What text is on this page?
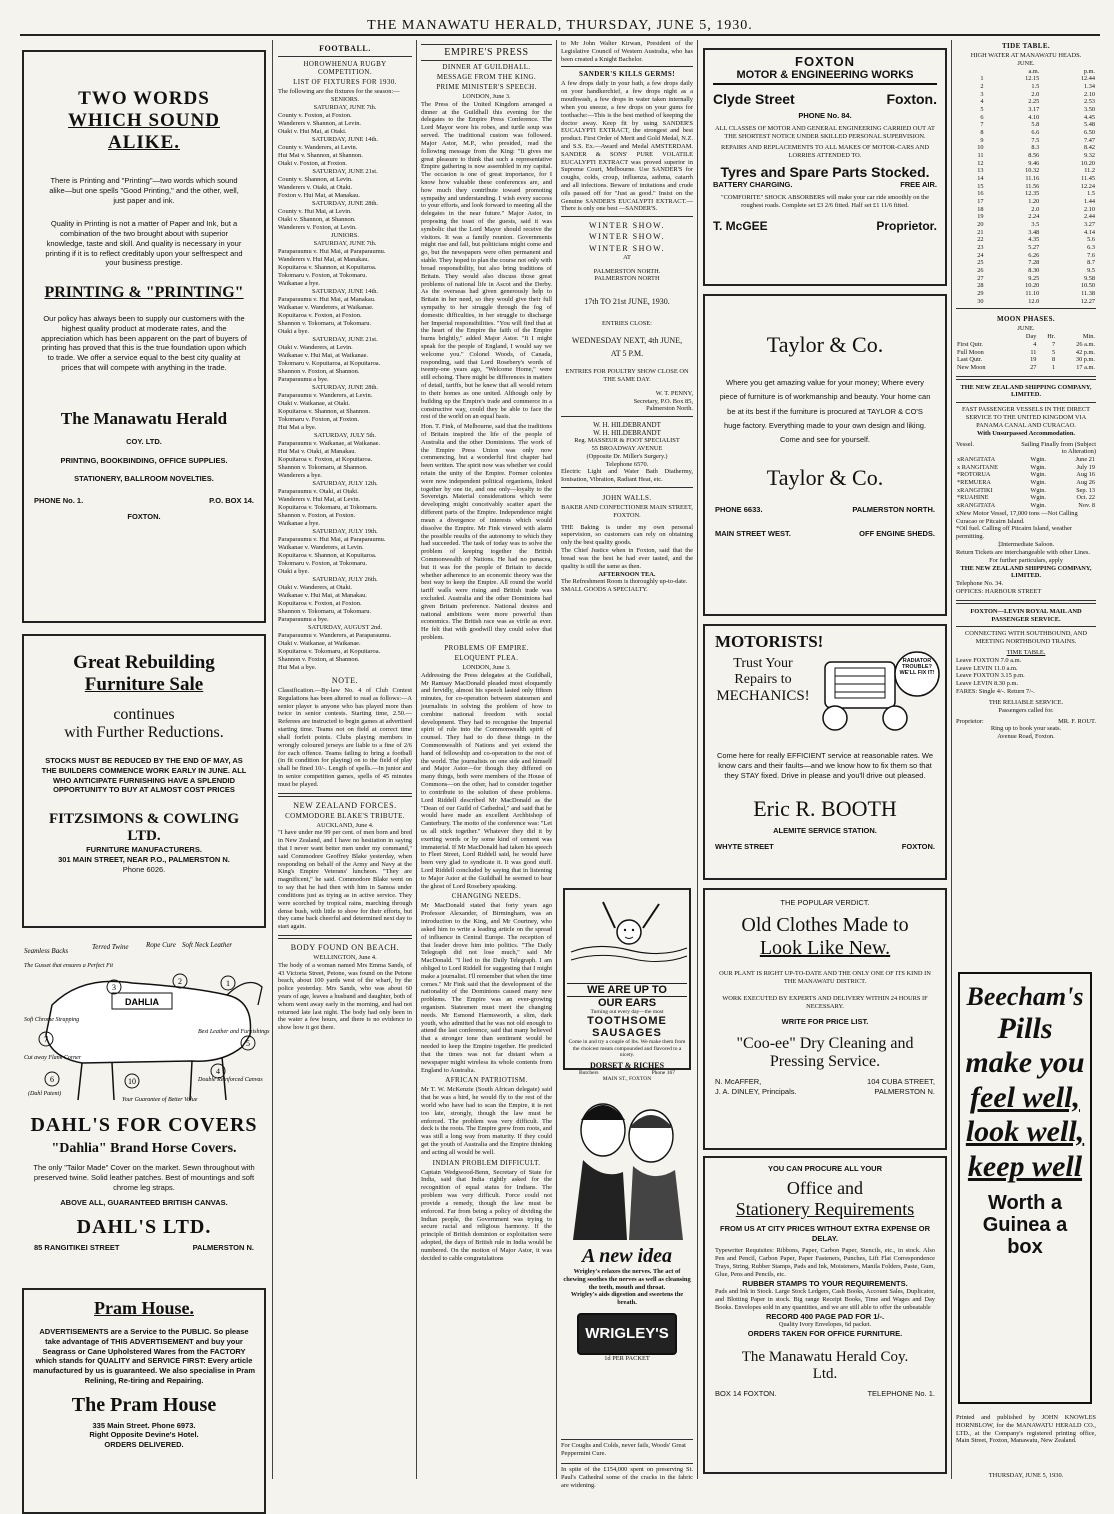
THE MANAWATU HERALD, THURSDAY, JUNE 5, 1930.
TWO WORDS
WHICH SOUND ALIKE.
There is Printing and "Printing"—two words which sound alike—but one spells "Good Printing," and the other, well, just paper and ink.
Quality in Printing is not a matter of Paper and Ink, but a combination of the two brought about with superior knowledge, taste and skill. And quality is necessary in your printing if it is to reflect creditably upon your selfrespect and your business prestige.
PRINTING & "PRINTING"
Our policy has always been to supply our customers with the highest quality product at moderate rates, and the appreciation which has been apparent on the part of buyers of printing has proved that this is the true foundation upon which to trade. We offer a service equal to the best city quality at prices that will compete with anything in the trade.
The Manawatu Herald
COY. LTD.
PRINTING, BOOKBINDING, OFFICE SUPPLIES.
STATIONERY, BALLROOM NOVELTIES.
PHONE No. 1.	P.O. BOX 14.
FOXTON.
Great Rebuilding
Furniture Sale
continues
with Further Reductions.
STOCKS MUST BE REDUCED BY THE END OF MAY, AS THE BUILDERS COMMENCE WORK EARLY IN JUNE. ALL WHO ANTICIPATE FURNISHING HAVE A SPLENDID OPPORTUNITY TO BUY AT ALMOST COST PRICES
FITZSIMONS & COWLING LTD.
FURNITURE MANUFACTURERS.
301 MAIN STREET, NEAR P.O., PALMERSTON N.
Phone 6026.
DAHLIA
3
2	1
7	5
4
6	10
Seamless Backs	Terred Twine	Rope Cure Soft Neck Leather
The Gusset that ensures a Perfect Fit
Soft Chrome Strapping
Cut away Flank Corner
(Dahl Patent)
Best Leather and Furnishings
Double Reinforced Canvas
Your Guarantee of Better Value
DAHL'S FOR COVERS
"Dahlia" Brand Horse Covers.
The only "Tailor Made" Cover on the market. Sewn throughout with preserved twine. Solid leather patches. Best of mountings and soft chrome leg straps.
ABOVE ALL, GUARANTEED BRITISH CANVAS.
DAHL'S LTD.
85 RANGITIKEI STREET	PALMERSTON N.
Pram House.
ADVERTISEMENTS are a Service to the PUBLIC. So please take advantage of THIS ADVERTISEMENT and buy your Seagrass or Cane Upholstered Wares from the FACTORY which stands for QUALITY and SERVICE FIRST: Every article manufactured by us is guaranteed. We also specialise in Pram Relining, Re-tiring and Repairing.
The Pram House
335 Main Street. Phone 6973.
Right Opposite Devine's Hotel.
ORDERS DELIVERED.
FOOTBALL.
HOROWHENUA RUGBY COMPETITION.
LIST OF FIXTURES FOR 1930.
The following are the fixtures for the season:—
SENIORS.
SATURDAY, JUNE 7th.
County v. Foxton, at Foxton.
Wanderers v. Shannon, at Levin.
Otaki v. Hui Mai, at Otaki.
SATURDAY, JUNE 14th.
County v. Wanderers, at Levin.
Hui Mai v. Shannon, at Shannon.
Otaki v. Foxton, at Foxton.
SATURDAY, JUNE 21st.
County v. Shannon, at Levin.
Wanderers v. Otaki, at Otaki.
Foxton v. Hui Mai, at Manakau.
SATURDAY, JUNE 28th.
County v. Hui Mai, at Levin.
Otaki v. Shannon, at Shannon.
Wanderers v. Foxton, at Levin.
JUNIORS.
SATURDAY, JUNE 7th.
Paraparaumu v. Hui Mai, at Paraparaumu.
Wanderers v. Hui Mai, at Manakau.
Kopuitaroa v. Shannon, at Kopuitaroa.
Tokomaru v. Foxton, at Tokomaru.
Waikanae a bye.
SATURDAY, JUNE 14th.
Paraparaumu v. Hui Mai, at Manakau.
Waikanae v. Wanderers, at Waikanae.
Kopuitaroa v. Foxton, at Foxton.
Shannon v. Tokomaru, at Tokomaru.
Otaki a bye.
SATURDAY, JUNE 21st.
Otaki v. Wanderers, at Levin.
Waikanae v. Hui Mai, at Waikanae.
Tokomaru v. Kopuitaroa, at Kopuitaroa.
Shannon v. Foxton, at Shannon.
Paraparaumu a bye.
SATURDAY, JUNE 28th.
Paraparaumu v. Wanderers, at Levin.
Otaki v. Waikanae, at Otaki.
Kopuitaroa v. Shannon, at Shannon.
Tokomaru v. Foxton, at Foxton.
Hui Mai a bye.
SATURDAY, JULY 5th.
Paraparaumu v. Waikanae, at Waikanae.
Hui Mai v. Otaki, at Manakau.
Kopuitaroa v. Foxton, at Kopuitaroa.
Shannon v. Tokomaru, at Shannon.
Wanderers a bye.
SATURDAY, JULY 12th.
Paraparaumu v. Otaki, at Otaki.
Wanderers v. Hui Mai, at Levin.
Kopuitaroa v. Tokomaru, at Tokomaru.
Shannon v. Foxton, at Foxton.
Waikanae a bye.
SATURDAY, JULY 19th.
Paraparaumu v. Hui Mai, at Paraparaumu.
Waikanae v. Wanderers, at Levin.
Kopuitaroa v. Shannon, at Kopuitaroa.
Tokomaru v. Foxton, at Tokomaru.
Otaki a bye.
SATURDAY, JULY 26th.
Otaki v. Wanderers, at Otaki.
Waikanae v. Hui Mai, at Manakau.
Kopuitaroa v. Foxton, at Foxton.
Shannon v. Tokomaru, at Tokomaru.
Paraparaumu a bye.
SATURDAY, AUGUST 2nd.
Paraparaumu v. Wanderers, at Paraparaumu.
Otaki v. Waikanae, at Waikanae.
Kopuitaroa v. Tokomaru, at Kopuitaroa.
Shannon v. Foxton, at Shannon.
Hui Mai a bye.
NOTE.
Classification.—By-law No. 4 of Club Contest Regulations has been altered to read as follows:—A senior player is anyone who has played more than twice in senior contests. Starting time, 2.50.—Referees are instructed to begin games at advertised starting time. Teams not on field at correct time shall forfeit points. Clubs playing members in wrongly coloured jerseys are liable to a fine of 2/6 for each offence. Teams failing to bring a football (in fit condition for playing) on to the field of play shall be fined 10/-. Length of spells.—In junior and in senior competition games, spells of 45 minutes must be played.
NEW ZEALAND FORCES.
COMMODORE BLAKE'S TRIBUTE.
AUCKLAND, June 4.
"I have under me 99 per cent. of men born and bred in New Zealand, and I have no hesitation in saying that I never want better men under my command," said Commodore Geoffrey Blake yesterday, when responding on behalf of the Army and Navy at the King's Empire Veterans' luncheon. "They are magnificent," he said. Commodore Blake went on to say that he had then with him in Samoa under conditions just as trying as in active service. They were scorched by tropical rains, marching through dense bush, with little to show for their efforts, but they came back cheerful and determined next day to start again.
BODY FOUND ON BEACH.
WELLINGTON, June 4.
The body of a woman named Mrs Emma Sands, of 43 Victoria Street, Petone, was found on the Petone beach, about 100 yards west of the wharf, by the police yesterday. Mrs Sands, who was about 60 years of age, leaves a husband and daughter, both of whom went away early in the morning, and had not returned late last night. The body had only been in the water a few hours, and there is no evidence to show how it got there.
EMPIRE'S PRESS
DINNER AT GUILDHALL.
MESSAGE FROM THE KING.
PRIME MINISTER'S SPEECH.
LONDON, June 3.
The Press of the United Kingdom arranged a dinner at the Guildhall this evening for the delegates to the Empire Press Conference. The Lord Mayor wore his robes, and turtle soup was served. The traditional custom was followed. Major Astor, M.P., who presided, read the following message from the King: "It gives me great pleasure to think that such a representative Empire gathering is now assembled in my capital. The occasion is one of great importance, for I know how valuable these conferences are, and how much they contribute toward promoting sympathy and understanding. I wish every success to your efforts, and look forward to meeting all the delegates in the near future." Major Astor, in proposing the toast of the guests, said it was symbolic that the Lord Mayor should receive the visitors. It was a family reunion. Governments might rise and fall, but politicians might come and go, but the newspapers were often permanent and stable. They hoped to plan the course not only with broad responsibility, but also bring traditions of Britain. They would also discuss those great problems of national life in Ascot and the Derby. As the overseas had given generously help to Britain in her need, so they would give their full sympathy to her struggle through the fog of domestic difficulties, in her struggle to discharge her Imperial responsibilities. "You will find that at the heart of the Empire the faith of the Empire burns brightly," added Major Astor. "It I might speak for the people of England, I would say we welcome you." Colonel Woods, of Canada, responding, said that Lord Rosebery's words of twenty-one years ago, "Welcome Home," were still echoing. There might be differences in matters of detail, tariffs, but he knew that all would return to their homes as one united. Although only by building up the Empire's trade and commerce in a constructive way, could they be able to face the rest of the world on an equal basis.
Hon. T. Fink, of Melbourne, said that the traditions of Britain inspired the life of the people of Australia and the other Dominions. The work of the Empire Press Union was only now commencing, but a wonderful first chapter had been written. The spirit now was whether we could retain the unity of the Empire. Former colonies were now independent political organisms, linked together by one tie, and one only—loyalty to the Sovereign. Material considerations which were developing might conceivably scatter apart the different parts of the Empire. Independence might mean a divergence of interests which would dissolve the Empire. Mr Fink viewed with alarm the possible results of the autonomy to which they had succeeded. The task of today was to solve the problem of keeping together the British Commonwealth of Nations. He had no panacea, but it was for the people of Britain to decide whether adherence to an economic theory was the best way to keep the Empire. All round the world tariff walls were rising and British trade was excluded. Australia and the other Dominions had given Britain preference. National desires and national ambitions were more powerful than economics. The British race was as virile as ever. He felt that with goodwill they could solve that problem.
PROBLEMS OF EMPIRE.
ELOQUENT PLEA.
LONDON, June 3.
Addressing the Press delegates at the Guildhall, Mr Ramsay MacDonald pleaded most eloquently and fervidly, almost his speech lasted only fifteen minutes, for co-operation between statesmen and journalists in solving the problem of how to combine national freedom with social development. They had to recognise the Imperial spirit of rule into the Commonwealth spirit of counsel. They had to do these things in the Commonwealth of Nations and yet extend the hand of fellowship and co-operation to the rest of the world. The journalists on one side and himself and Major Astor—for though they differed on many things, both were members of the House of Commons—on the other, had to consider together to contribute to the solution of these problems. Lord Riddell described Mr MacDonald as the "Dean of our Guild of Cathedral," and said that he would have made an excellent Archbishop of Canterbury. The motto of the conference was: "Let us all stick together." Whatever they did it by exerting words or by some kind of cement was immaterial. If Mr MacDonald had taken his speech to Fleet Street, Lord Riddell said, he would have been very glad to syndicate it. It was good stuff. Lord Riddell concluded by saying that in listening to Major Astor at the Guildhall he seemed to hear the ghost of Lord Rosebery speaking.
CHANGING NEEDS.
Mr MacDonald stated that forty years ago Professor Alexander, of Birmingham, was an introduction to the King, and Mr Courtney, who asked him to write a leading article on the spread of influence in Central Europe. The reception of that leader drove him into politics. "The Daily Telegraph did not lose much," said Mr MacDonald. "I lied to the Daily Telegraph. I am obliged to Lord Riddell for suggesting that I might make a journalist. I'll remember that when the time comes." Mr Fink said that the development of the nationality of the Dominions caused many new problems. The Empire was an ever-growing organism. Statesmen must meet the changing needs. Mr Esmond Harmsworth, a slim, dark youth, who admitted that he was not old enough to attend the last conference, said that many believed that a stronger tone than sentiment would be needed to keep the Empire together. He predicted that the times was not far distant when a newspaper might wireless its whole contents from England to Australia.
AFRICAN PATRIOTISM.
Mr T. W. McKenzie (South African delegate) said that he was a bird, he would fly to the rest of the world who have had to scan the Empire, it is not too late, strongly, though the law must be enforced. The problem was very difficult. The deck is the roots. The Empire grew from roots, and was still a long way from maturity. If they could get the youth of Australia and the Empire thinking and acting all would be well.
INDIAN PROBLEM DIFFICULT.
Captain Wedgwood-Benn, Secretary of State for India, said that India rightly asked for the recognition of equal status for Indians. The problem was very difficult. Force could not provide a remedy, though the law must be enforced. Far from being a policy of dividing the Indian people, the Government was trying to secure racial and religious harmony. If the principle of British dominion or exploitation were adopted, the days of British rule in India would be numbered. On the motion of Major Astor, it was decided to cable congratulations
to Mr John Walter Kirwan, President of the Legislative Council of Western Australia, who has been created a Knight Bachelor.
SANDER'S KILLS GERMS!
A few drops daily in your bath, a few drops daily on your handkerchief, a few drops night as a mouthwash, a few drops in water taken internally when you sneeze, a few drops on your gums for toothache:—This is the best method of keeping the doctor away. Keep fit by using SANDER'S EUCALYPTI EXTRACT, the strongest and best product. First Order of Merit and Gold Medal, N.Z. and S.S. Ex.—Award and Medal AMSTERDAM. SANDER & SONS' PURE VOLATILE EUCALYPTI EXTRACT was proved superior in Supreme Court, Melbourne. Use SANDER'S for coughs, colds, croup, influenza, asthma, catarrh and all infections. Beware of imitations and crude oils passed off for "Just as good." Insist on the Genuine SANDER'S EUCALYPTI EXTRACT.—There is only one best —SANDER'S.
WINTER SHOW.
WINTER SHOW.
WINTER SHOW.
AT
PALMERSTON NORTH.
PALMERSTON NORTH
17th TO 21st JUNE, 1930.
ENTRIES CLOSE:
WEDNESDAY NEXT, 4th JUNE,
AT 5 P.M.
ENTRIES FOR POULTRY SHOW CLOSE ON THE SAME DAY.
W. T. PENNY,
Secretary, P.O. Box 85,
Palmerston North.
W. H. HILDEBRANDT
W. H. HILDEBRANDT
Reg. MASSEUR & FOOT SPECIALIST
55 BROADWAY AVENUE
(Opposite Dr. Miller's Surgery.)
Telephone 6570.
Electric Light and Water Bath Diathermy, Ionisation, Vibration, Radiant Heat, etc.
JOHN WALLS.
BAKER AND CONFECTIONER MAIN STREET, FOXTON.
THE Baking is under my own personal supervision, so customers can rely on obtaining only the best quality goods.
The Chief Justice when in Foxton, said that the bread was the best he had ever tasted, and the quality is still the same as then.
AFTERNOON TEA.
The Refreshment Room is thoroughly up-to-date.
SMALL GOODS A SPECIALTY.
WE ARE UP TO
OUR EARS
Turning out every day—the most
TOOTHSOME
SAUSAGES
Come in and try a couple of lbs. We make them from the choicest meats compounded and flavored to a nicety.
DORSET & RICHES
Butchers	Phone 167
MAIN ST., FOXTON
A new idea
Wrigley's relaxes the nerves. The act of chewing soothes the nerves as well as cleansing the teeth, mouth and throat.
Wrigley's aids digestion and sweetens the breath.
WRIGLEY'S
1d PER PACKET
For Coughs and Colds, never fails, Woods' Great Peppermint Cure.
In spite of the £154,000 spent on preserving St. Paul's Cathedral some of the cracks in the fabric are widening.
FOXTON
MOTOR & ENGINEERING WORKS
Clyde Street	Foxton.
PHONE No. 84.
ALL CLASSES OF MOTOR AND GENERAL ENGINEERING CARRIED OUT AT THE SHORTEST NOTICE UNDER SKILLED PERSONAL SUPERVISION.
REPAIRS AND REPLACEMENTS TO ALL MAKES OF MOTOR-CARS AND LORRIES ATTENDED TO.
Tyres and Spare Parts Stocked.
BATTERY CHARGING.	FREE AIR.
"COMFORITE" SHOCK ABSORBERS will make your car ride smoothly on the roughest roads. Complete set £3 2/6 fitted. Half set £1 11/6 fitted.
T. McGEE	Proprietor.
Taylor & Co.
Where you get amazing value for your money; Where every piece of furniture is of workmanship and beauty. Your home can be at its best if the furniture is procured at TAYLOR & CO'S huge factory. Everything made to your own design and liking. Come and see for yourself.
Taylor & Co.
PHONE 6633.	PALMERSTON NORTH.
MAIN STREET WEST.	OFF ENGINE SHEDS.
MOTORISTS!
Trust Your
Repairs to
MECHANICS!
RADIATOR TROUBLE? WE'LL FIX IT!
Come here for really EFFICIENT service at reasonable rates. We know cars and their faults—and we know how to fix them so that they STAY fixed. Drive in please and you'll drive out pleased.
Eric R. BOOTH
ALEMITE SERVICE STATION.
WHYTE STREET	FOXTON.
THE POPULAR VERDICT.
Old Clothes Made to
Look Like New.
OUR PLANT IS RIGHT UP-TO-DATE AND THE ONLY ONE OF ITS KIND IN THE MANAWATU DISTRICT.
WORK EXECUTED BY EXPERTS AND DELIVERY WITHIN 24 HOURS IF NECESSARY.
WRITE FOR PRICE LIST.
"Coo-ee" Dry Cleaning and Pressing Service.
N. McAFFER,	104 CUBA STREET,
J. A. DINLEY, Principals.	PALMERSTON N.
YOU CAN PROCURE ALL YOUR
Office and
Stationery Requirements
FROM US AT CITY PRICES WITHOUT EXTRA EXPENSE OR DELAY.
Typewriter Requisites: Ribbons, Paper, Carbon Paper, Stencils, etc., in stock. Also Pen and Pencil, Carbon Paper, Paper Fasteners, Punches, Lift Flat Correspondence Trays, String, Rubber Stamps, Pads and Ink, Moisteners, Manila Folders, Paste, Gum, Glue, Pens and Pencils, etc.
RUBBER STAMPS TO YOUR REQUIREMENTS.
Pads and Ink in Stock. Large Stock Ledgers, Cash Books, Account Sales, Duplicator, and Blotting Paper in stock. Big range Receipt Books, Time and Wages and Day Books. Envelopes sold in any quantities, and we are still able to offer the unbeatable
RECORD 400 PAGE PAD FOR 1/-.
Quality Ivory Envelopes, 6d packet.
ORDERS TAKEN FOR OFFICE FURNITURE.
The Manawatu Herald Coy.
Ltd.
BOX 14 FOXTON.	TELEPHONE No. 1.
TIDE TABLE.
HIGH WATER AT MANAWATU HEADS.
JUNE.
	a.m.	p.m.
1	12.15	12.44
2	1.5	1.34
3	2.0	2.10
4	2.25	2.53
5	3.17	3.50
6	4.10	4.45
7	5.8	5.48
8	6.6	6.50
9	7.5	7.47
10	8.3	8.42
11	8.56	9.32
12	9.46	10.20
13	10.32	11.2
14	11.16	11.45
15	11.56	12.24
16	12.35	1.5
17	1.20	1.44
18	2.0	2.10
19	2.24	2.44
20	3.5	3.27
21	3.48	4.14
22	4.35	5.6
23	5.27	6.3
24	6.26	7.6
25	7.28	8.7
26	8.30	9.5
27	9.25	9.58
28	10.20	10.50
29	11.10	11.38
30	12.0	12.27
MOON PHASES.
JUNE.
	Day	Hr.	Min.
First Qutr.	4	7	26 a.m.
Full Moon	11	5	42 p.m.
Last Qutr.	19	8	30 p.m.
New Moon	27	1	17 a.m.
THE NEW ZEALAND SHIPPING COMPANY, LIMITED.
FAST PASSENGER VESSELS IN THE DIRECT SERVICE TO THE UNITED KINGDOM VIA PANAMA CANAL AND CURACAO.
With Unsurpassed Accommodation.
Vessel.	Sailing Finally from (Subject to Alteration)
xRANGITATA	Wgtn.	June 21
x RANGITANE	Wgtn.	July 19
*ROTORUA	Wgtn.	Aug 16
*REMUERA	Wgtn.	Aug 26
xRANGITIKI	Wgtn.	Sep. 13
*RUAHINE	Wgtn.	Oct. 22
xRANGITATA	Wgtn.	Nov. 8
xNew Motor Vessel, 17,000 tons —Not Calling Curacao or Pitcairn Island.
*Oil fuel. Calling off Pitcairn Island, weather permitting.
‡Intermediate Saloon.
Return Tickets are interchangeable with other Lines.
For further particulars, apply
THE NEW ZEALAND SHIPPING COMPANY, LIMITED.
Telephone No. 34.
OFFICES: HARBOUR STREET
FOXTON—LEVIN ROYAL MAIL AND PASSENGER SERVICE.
CONNECTING WITH SOUTHBOUND, AND MEETING NORTHBOUND TRAINS.
TIME TABLE.
Leave FOXTON 7.0 a.m.
Leave LEVIN 11.0 a.m.
Leave FOXTON 3.15 p.m.
Leave LEVIN 8.30 p.m.
FARES: Single 4/-. Return 7/-.
THE RELIABLE SERVICE.
Passengers called for.
Proprietor:	MR. F. ROUT.
Ring up to book your seats.
Avenue Road, Foxton.
Beecham's
Pills
make you
feel well,
look well,
keep well
Worth a Guinea a box
Printed and published by JOHN KNOWLES HORNBLOW, for the MANAWATU HERALD CO., LTD., at the Company's registered printing office, Main Street, Foxton, Manawatu, New Zealand.
THURSDAY, JUNE 5, 1930.
